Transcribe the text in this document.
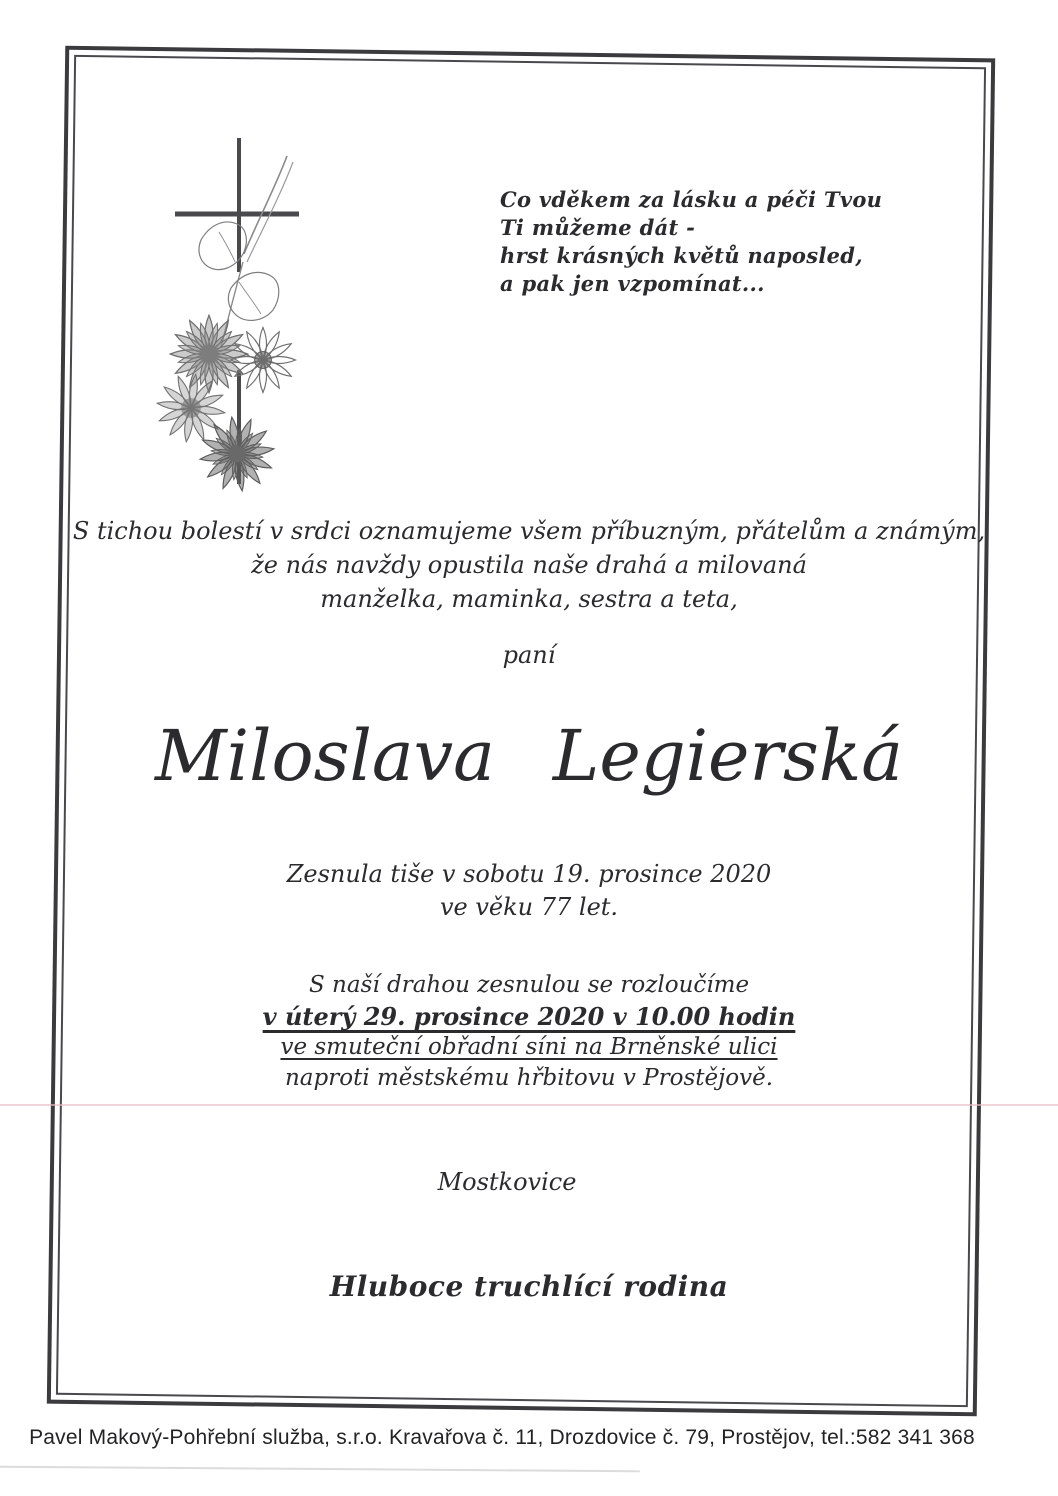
Co vděkem za lásku a péči Tvou
Ti můžeme dát -
hrst krásných květů naposled,
a pak jen vzpomínat...
S tichou bolestí v srdci oznamujeme všem příbuzným, přátelům a známým,
že nás navždy opustila naše drahá a milovaná
manželka, maminka, sestra a teta,
paní
Miloslava Legierská
Zesnula tiše v sobotu 19. prosince 2020
ve věku 77 let.
S naší drahou zesnulou se rozloučíme
v úterý 29. prosince 2020 v 10.00 hodin
ve smuteční obřadní síni na Brněnské ulici
naproti městskému hřbitovu v Prostějově.
Mostkovice
Hluboce truchlící rodina
Pavel Makový-Pohřební služba, s.r.o. Kravařova č. 11, Drozdovice č. 79, Prostějov, tel.:582 341 368
